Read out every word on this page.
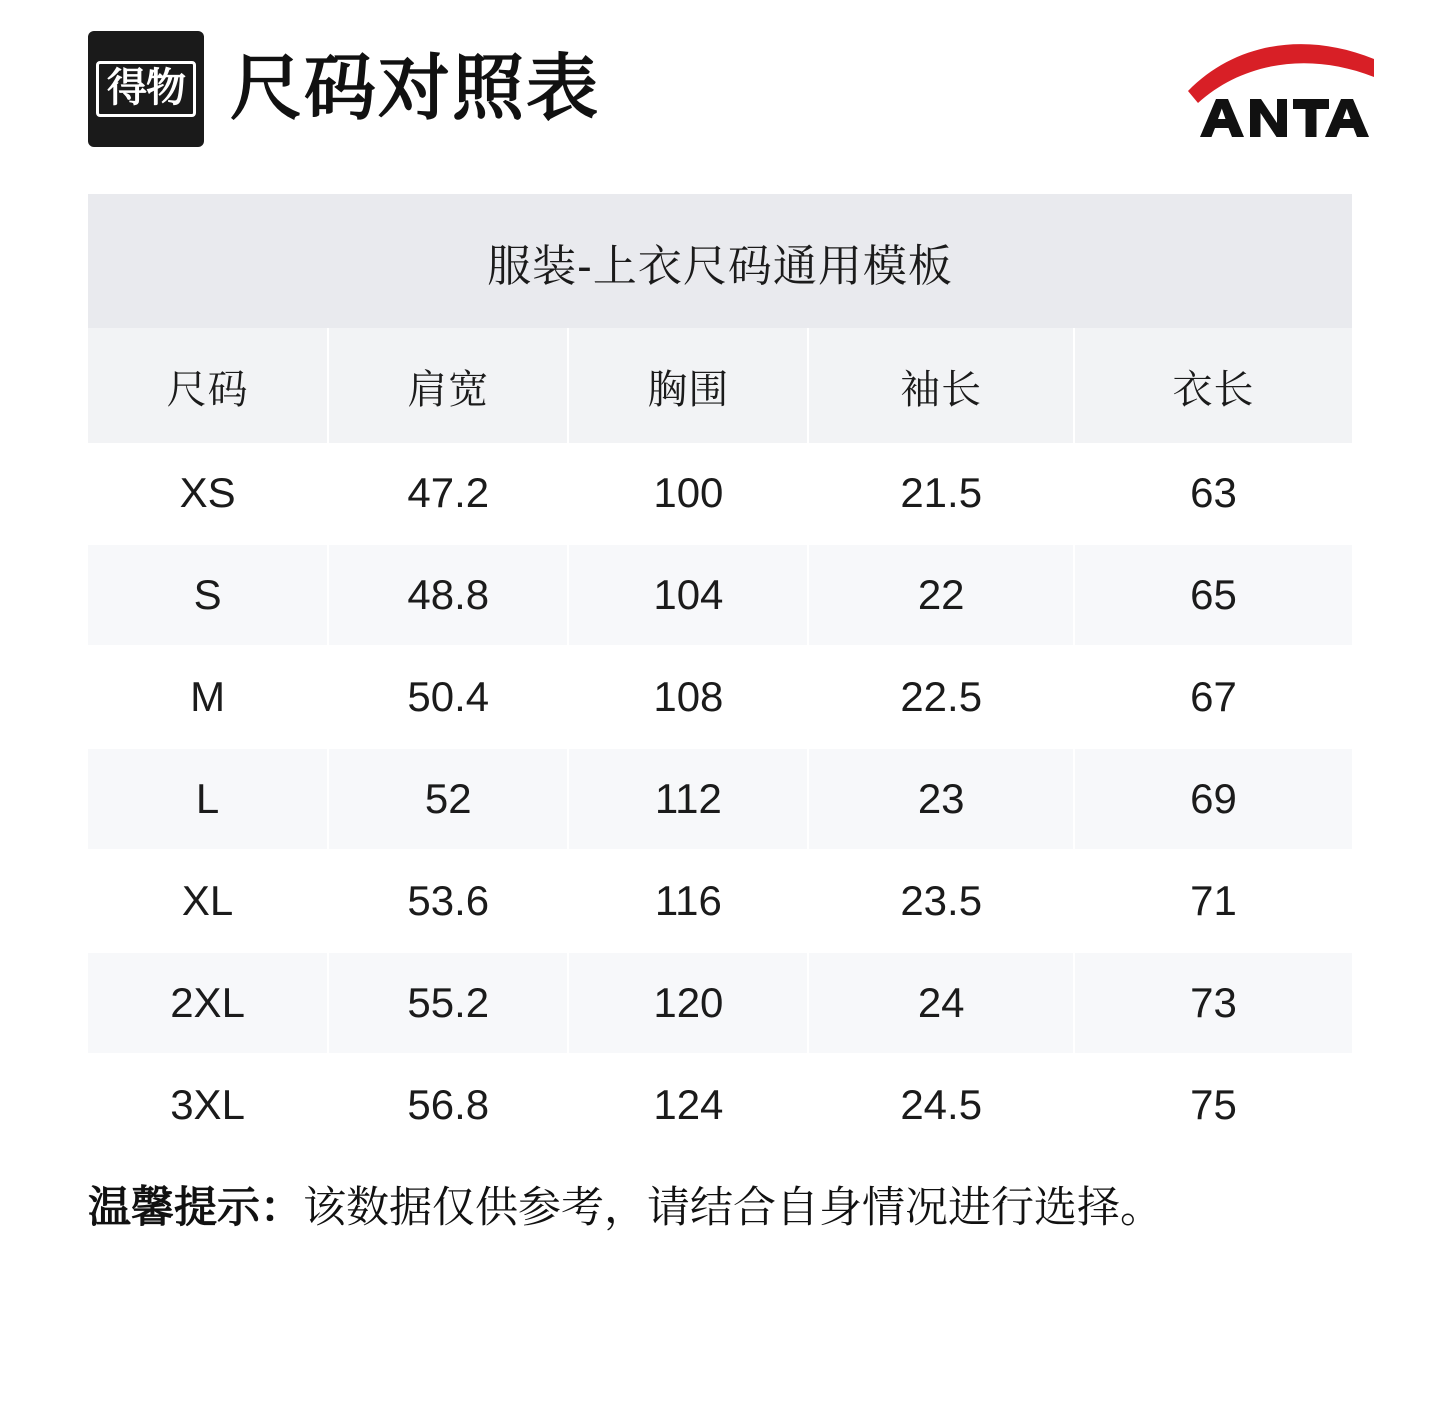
得物 尺码对照表
服装-上衣尺码通用模板
尺码	肩宽	胸围	袖长	衣长
XS	47.2	100	21.5	63
S	48.8	104	22	65
M	50.4	108	22.5	67
L	52	112	23	69
XL	53.6	116	23.5	71
2XL	55.2	120	24	73
3XL	56.8	124	24.5	75
温馨提示：该数据仅供参考，请结合自身情况进行选择。
